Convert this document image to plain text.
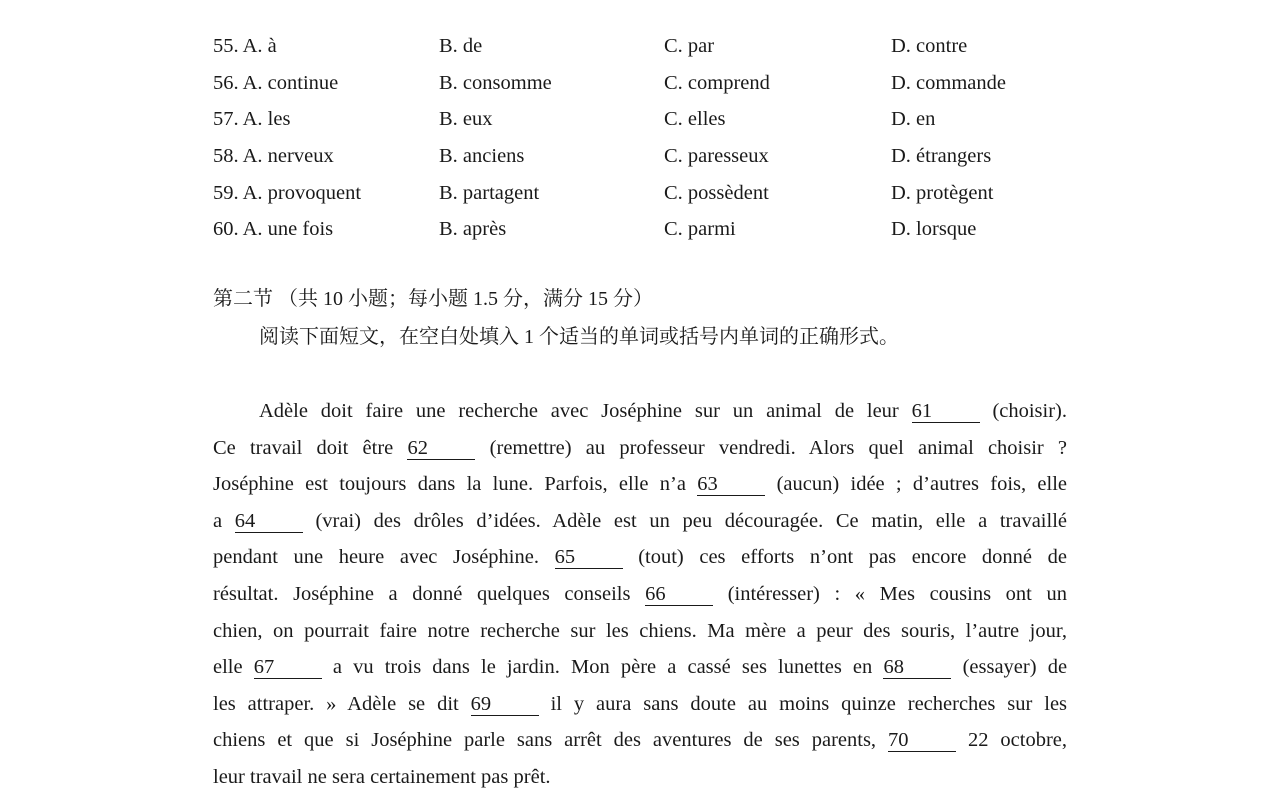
55. A. à	B. de	C. par	D. contre
56. A. continue	B. consomme	C. comprend	D. commande
57. A. les	B. eux	C. elles	D. en
58. A. nerveux	B. anciens	C. paresseux	D. étrangers
59. A. provoquent	B. partagent	C. possèdent	D. protègent
60. A. une fois	B. après	C. parmi	D. lorsque
第二节 （共 10 小题；每小题 1.5 分，满分 15 分）
阅读下面短文，在空白处填入 1 个适当的单词或括号内单词的正确形式。
Adèle doit faire une recherche avec Joséphine sur un animal de leur 61	(choisir).
Ce travail doit être 62	(remettre) au professeur vendredi. Alors quel animal choisir ?
Joséphine est toujours dans la lune. Parfois, elle n’a 63	(aucun) idée ; d’autres fois, elle
a 64	(vrai) des drôles d’idées. Adèle est un peu découragée. Ce matin, elle a travaillé
pendant une heure avec Joséphine. 65	(tout) ces efforts n’ont pas encore donné de
résultat. Joséphine a donné quelques conseils 66	(intéresser) : « Mes cousins ont un
chien, on pourrait faire notre recherche sur les chiens. Ma mère a peur des souris, l’autre jour,
elle 67	a vu trois dans le jardin. Mon père a cassé ses lunettes en 68	(essayer) de
les attraper. » Adèle se dit 69	il y aura sans doute au moins quinze recherches sur les
chiens et que si Joséphine parle sans arrêt des aventures de ses parents, 70	22 octobre,
leur travail ne sera certainement pas prêt.
